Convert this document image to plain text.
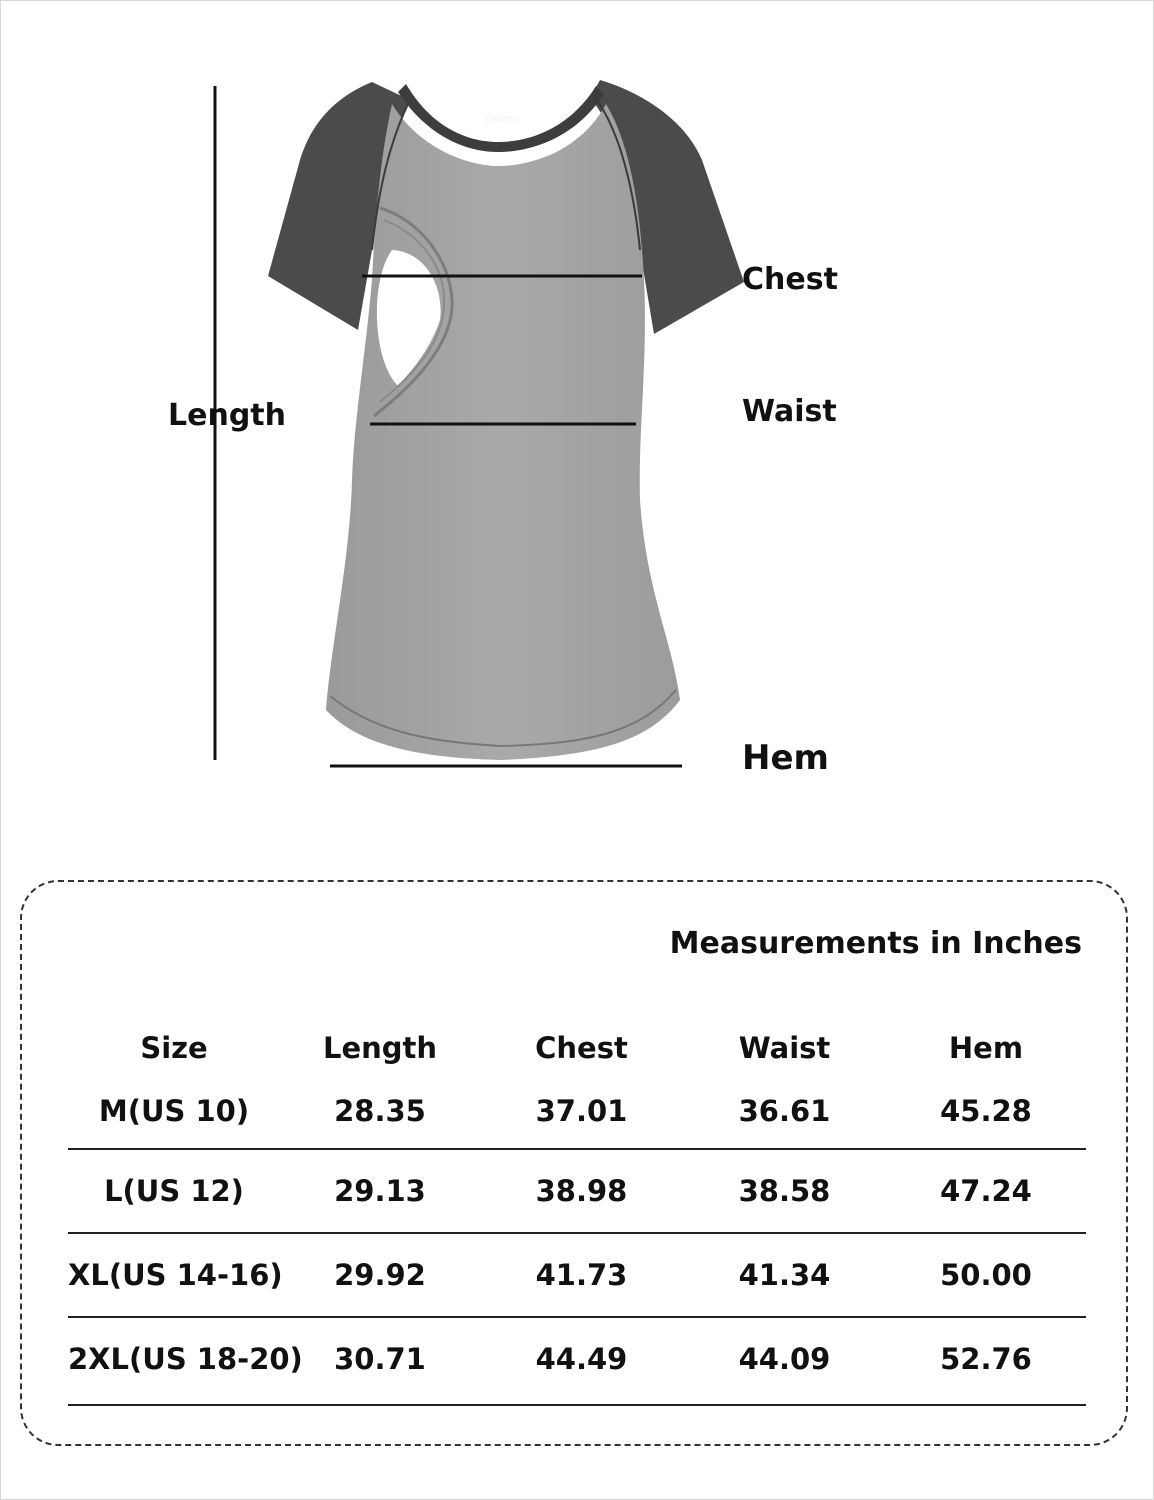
Quiree
Length
Chest
Waist
Hem
Measurements in Inches
Size	Length	Chest	Waist	Hem
M(US 10)	28.35	37.01	36.61	45.28
L(US 12)	29.13	38.98	38.58	47.24
XL(US 14-16)	29.92	41.73	41.34	50.00
2XL(US 18-20)	30.71	44.49	44.09	52.76
